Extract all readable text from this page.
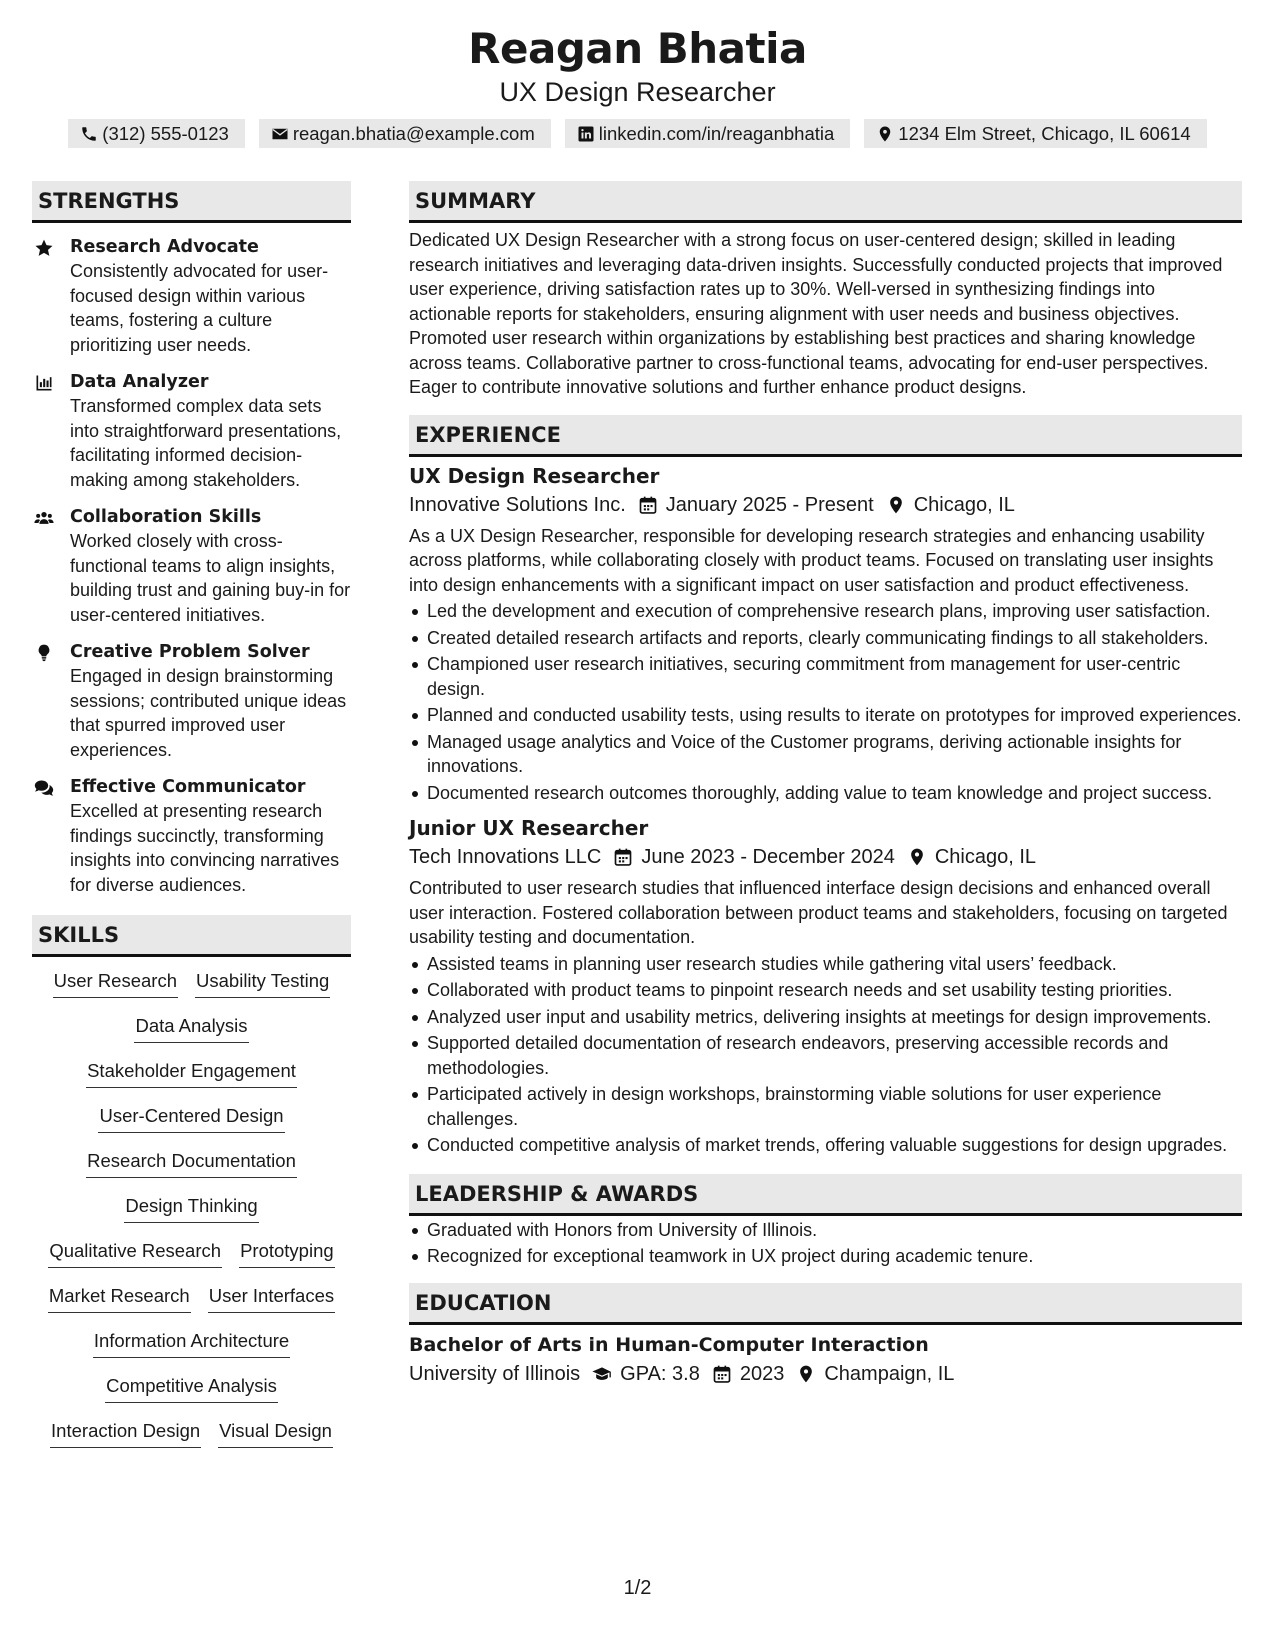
Reagan Bhatia
UX Design Researcher
(312) 555-0123	reagan.bhatia@example.com	linkedin.com/in/reaganbhatia	1234 Elm Street, Chicago, IL 60614
STRENGTHS
Research Advocate
Consistently advocated for user-focused design within various teams, fostering a culture prioritizing user needs.
Data Analyzer
Transformed complex data sets into straightforward presentations, facilitating informed decision-making among stakeholders.
Collaboration Skills
Worked closely with cross-functional teams to align insights, building trust and gaining buy-in for user-centered initiatives.
Creative Problem Solver
Engaged in design brainstorming sessions; contributed unique ideas that spurred improved user experiences.
Effective Communicator
Excelled at presenting research findings succinctly, transforming insights into convincing narratives for diverse audiences.
SKILLS
User Research Usability Testing
Data Analysis
Stakeholder Engagement
User-Centered Design
Research Documentation
Design Thinking
Qualitative Research Prototyping
Market Research User Interfaces
Information Architecture
Competitive Analysis
Interaction Design Visual Design
SUMMARY
Dedicated UX Design Researcher with a strong focus on user-centered design; skilled in leading research initiatives and leveraging data-driven insights. Successfully conducted projects that improved user experience, driving satisfaction rates up to 30%. Well-versed in synthesizing findings into actionable reports for stakeholders, ensuring alignment with user needs and business objectives. Promoted user research within organizations by establishing best practices and sharing knowledge across teams. Collaborative partner to cross-functional teams, advocating for end-user perspectives. Eager to contribute innovative solutions and further enhance product designs.
EXPERIENCE
UX Design Researcher
Innovative Solutions Inc. January 2025 - Present Chicago, IL
As a UX Design Researcher, responsible for developing research strategies and enhancing usability across platforms, while collaborating closely with product teams. Focused on translating user insights into design enhancements with a significant impact on user satisfaction and product effectiveness.
Led the development and execution of comprehensive research plans, improving user satisfaction.
Created detailed research artifacts and reports, clearly communicating findings to all stakeholders.
Championed user research initiatives, securing commitment from management for user-centric design.
Planned and conducted usability tests, using results to iterate on prototypes for improved experiences.
Managed usage analytics and Voice of the Customer programs, deriving actionable insights for innovations.
Documented research outcomes thoroughly, adding value to team knowledge and project success.
Junior UX Researcher
Tech Innovations LLC June 2023 - December 2024 Chicago, IL
Contributed to user research studies that influenced interface design decisions and enhanced overall user interaction. Fostered collaboration between product teams and stakeholders, focusing on targeted usability testing and documentation.
Assisted teams in planning user research studies while gathering vital users’ feedback.
Collaborated with product teams to pinpoint research needs and set usability testing priorities.
Analyzed user input and usability metrics, delivering insights at meetings for design improvements.
Supported detailed documentation of research endeavors, preserving accessible records and methodologies.
Participated actively in design workshops, brainstorming viable solutions for user experience challenges.
Conducted competitive analysis of market trends, offering valuable suggestions for design upgrades.
LEADERSHIP & AWARDS
Graduated with Honors from University of Illinois.
Recognized for exceptional teamwork in UX project during academic tenure.
EDUCATION
Bachelor of Arts in Human-Computer Interaction
University of Illinois GPA: 3.8 2023 Champaign, IL
1/2
